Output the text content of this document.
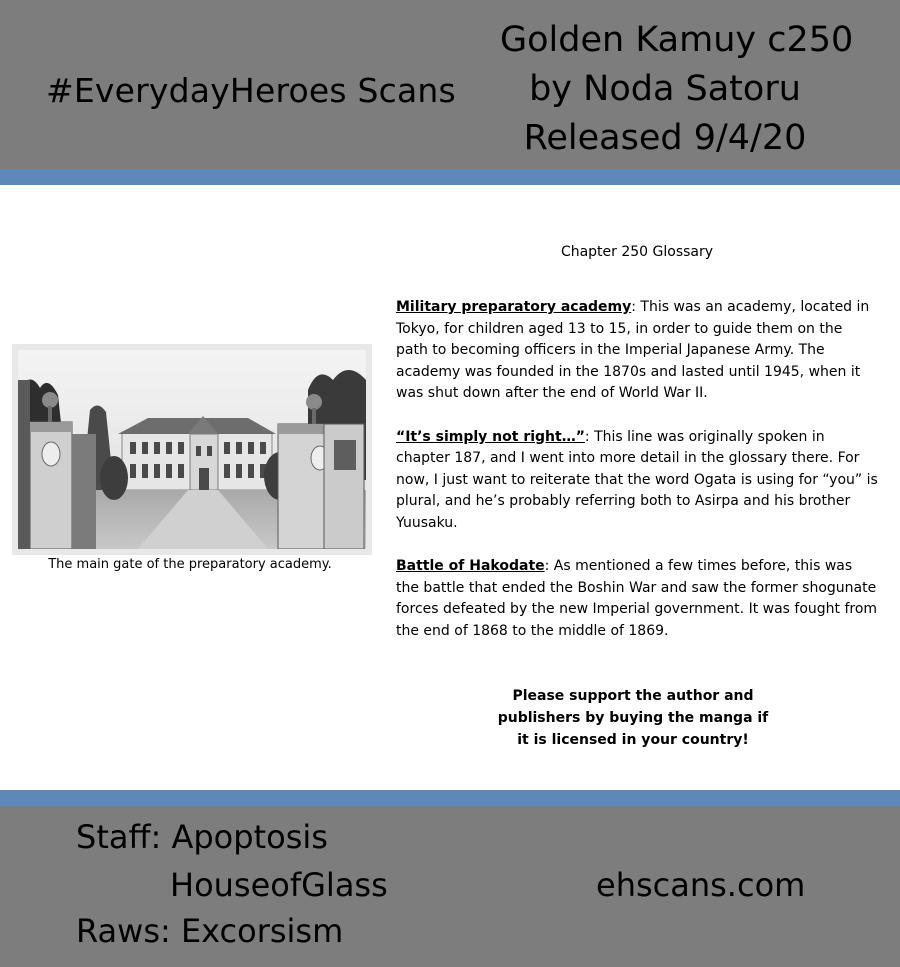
#EverydayHeroes Scans
Golden Kamuy c250
by Noda Satoru
Released 9/4/20
Chapter 250 Glossary

Military preparatory academy: This was an academy, located in Tokyo, for children aged 13 to 15, in order to guide them on the path to becoming officers in the Imperial Japanese Army. The academy was founded in the 1870s and lasted until 1945, when it was shut down after the end of World War II.

“It’s simply not right…”: This line was originally spoken in chapter 187, and I went into more detail in the glossary there. For now, I just want to reiterate that the word Ogata is using for “you” is plural, and he’s probably referring both to Asirpa and his brother Yuusaku.

Battle of Hakodate: As mentioned a few times before, this was the battle that ended the Boshin War and saw the former shogunate forces defeated by the new Imperial government. It was fought from the end of 1868 to the middle of 1869.

Please support the author and
publishers by buying the manga if
it is licensed in your country!
The main gate of the preparatory academy.
Staff: Apoptosis
HouseofGlass
Raws: Excorsism
ehscans.com
